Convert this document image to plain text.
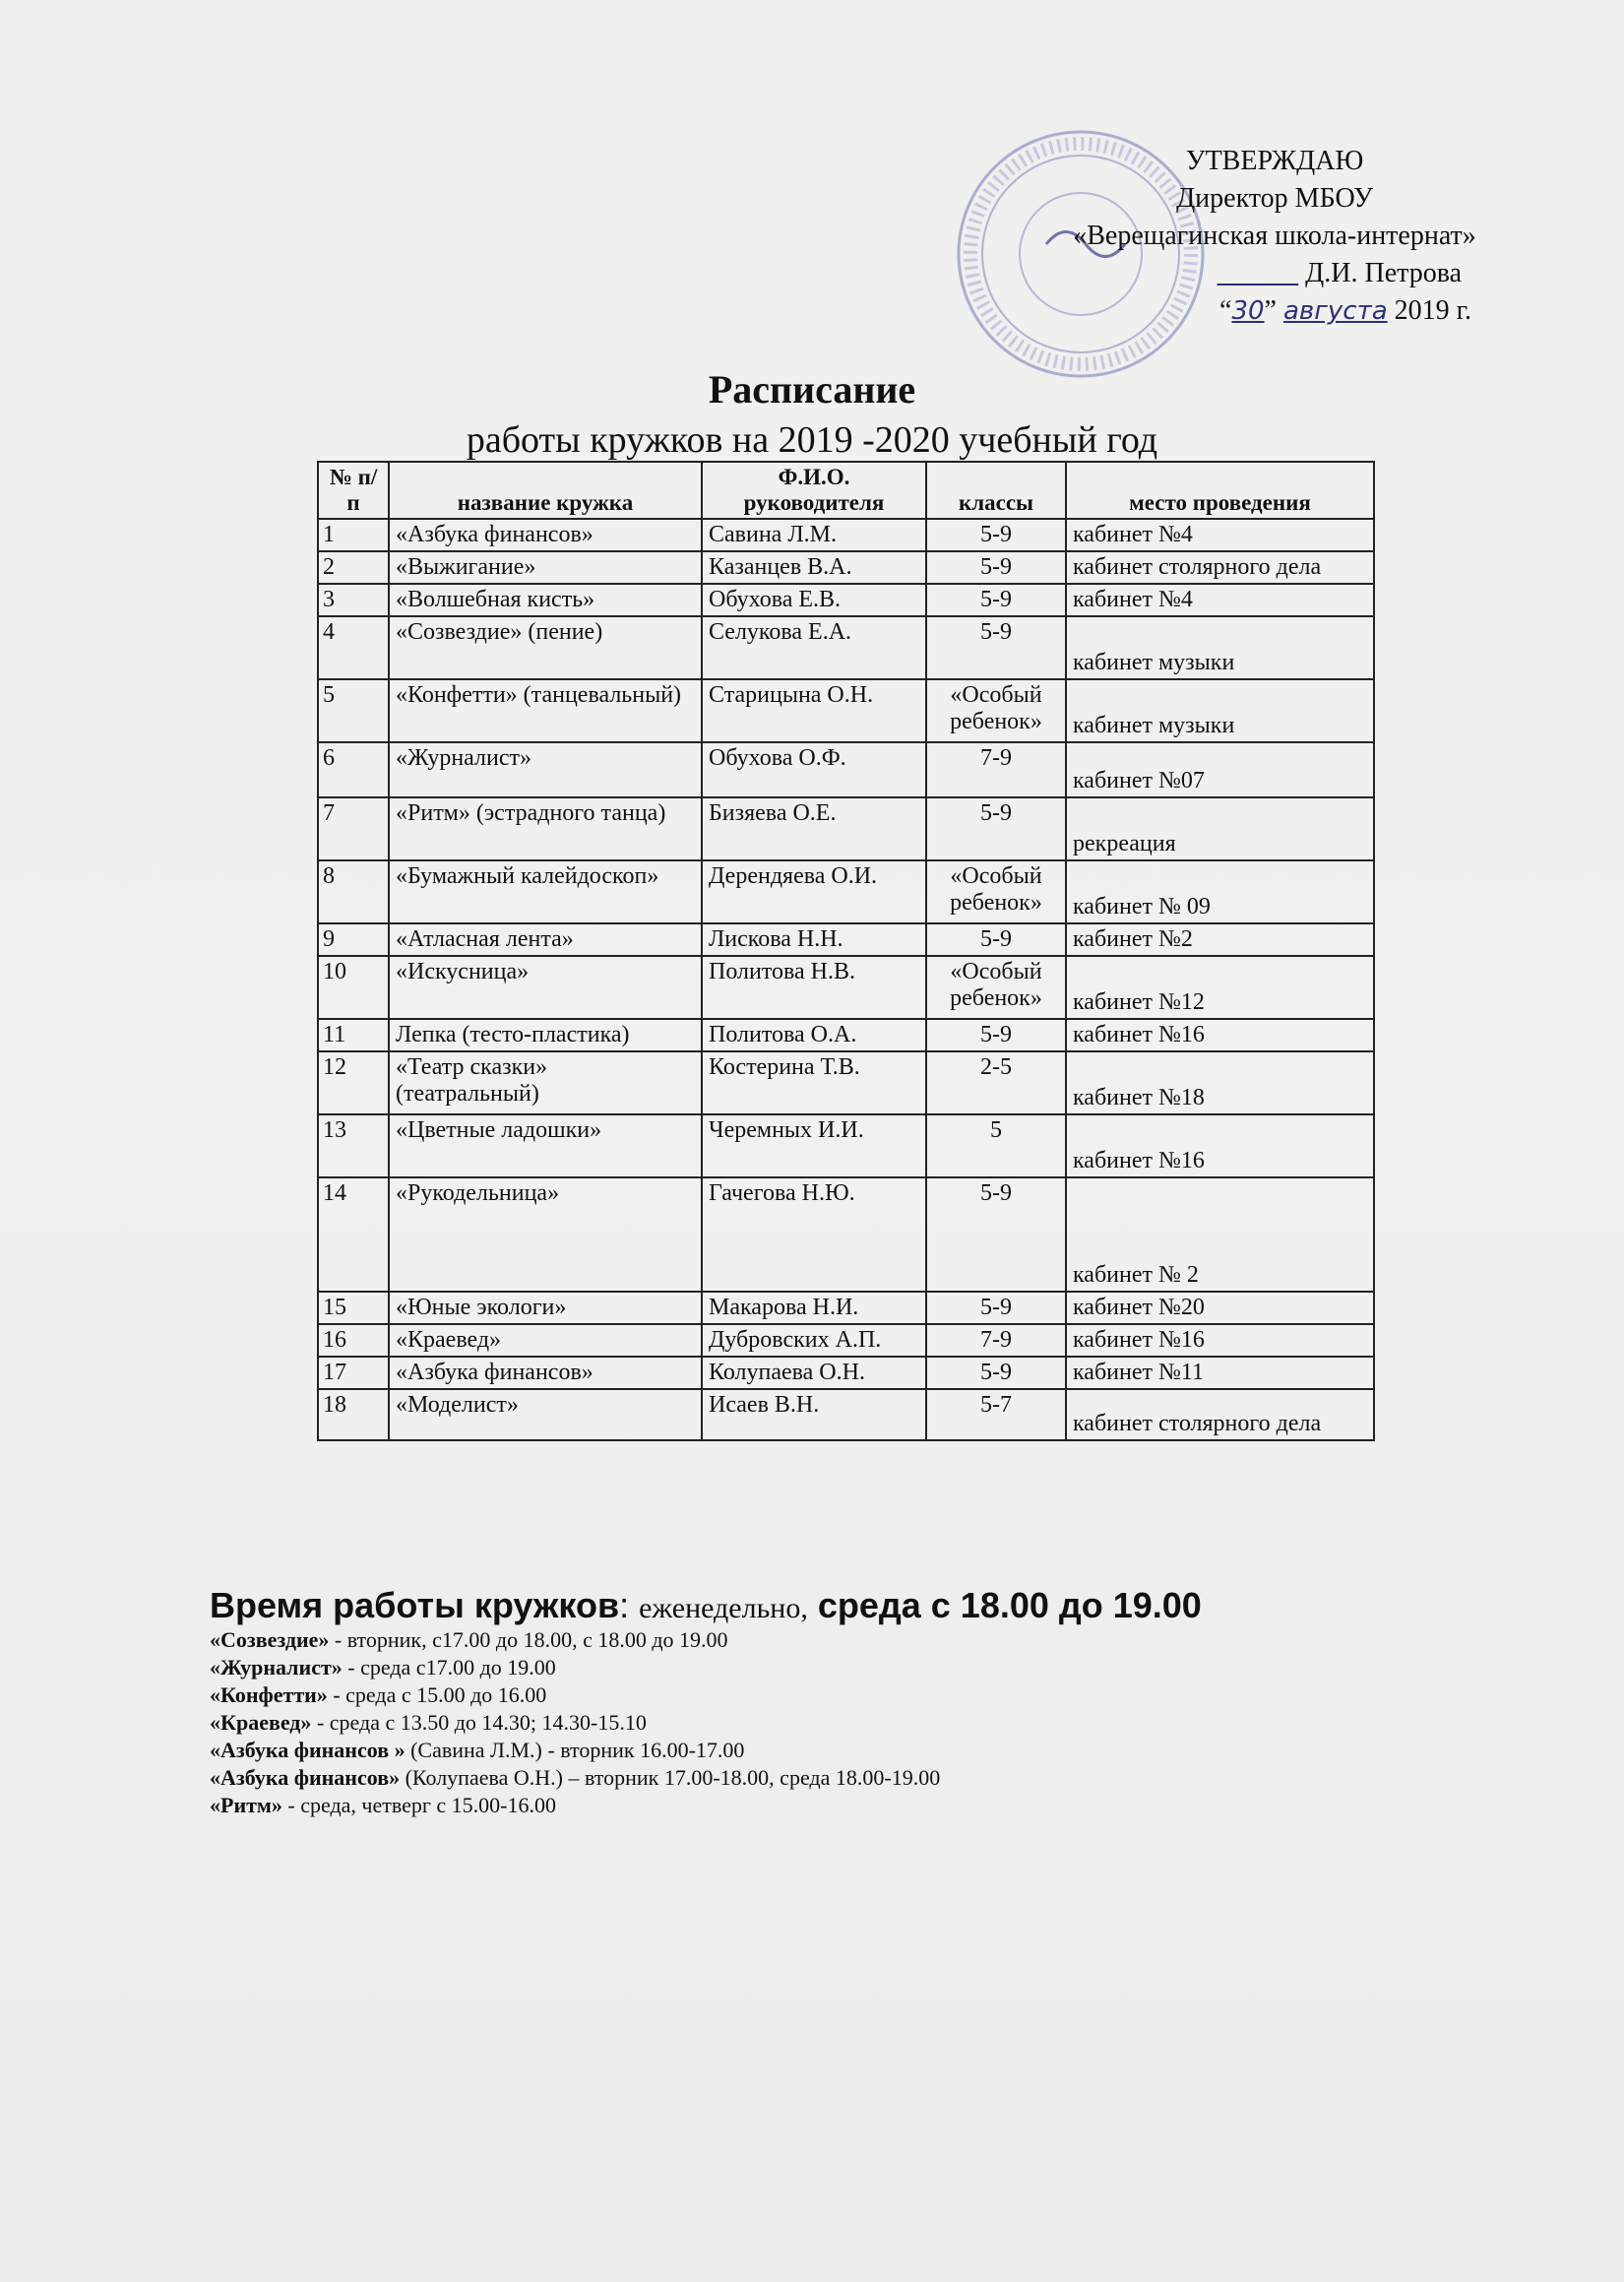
УТВЕРЖДАЮ
Директор МБОУ
«Верещагинская школа-интернат»
Д.И. Петрова
“30” августа 2019 г.
Расписание
работы кружков на 2019 -2020 учебный год
№ п/п	название кружка	Ф.И.О. руководителя	классы	место проведения
1	«Азбука финансов»	Савина Л.М.	5-9	кабинет №4
2	«Выжигание»	Казанцев В.А.	5-9	кабинет столярного дела
3	«Волшебная кисть»	Обухова Е.В.	5-9	кабинет №4
4	«Созвездие» (пение)	Селукова Е.А.	5-9	кабинет музыки
5	«Конфетти» (танцевальный)	Старицына О.Н.	«Особый ребенок»	кабинет музыки
6	«Журналист»	Обухова О.Ф.	7-9	кабинет №07
7	«Ритм» (эстрадного танца)	Бизяева О.Е.	5-9	рекреация
8	«Бумажный калейдоскоп»	Дерендяева О.И.	«Особый ребенок»	кабинет № 09
9	«Атласная лента»	Лискова Н.Н.	5-9	кабинет №2
10	«Искусница»	Политова Н.В.	«Особый ребенок»	кабинет №12
11	Лепка (тесто-пластика)	Политова О.А.	5-9	кабинет №16
12	«Театр сказки» (театральный)	Костерина Т.В.	2-5	кабинет №18
13	«Цветные ладошки»	Черемных И.И.	5	кабинет №16
14	«Рукодельница»	Гачегова Н.Ю.	5-9	кабинет № 2
15	«Юные экологи»	Макарова Н.И.	5-9	кабинет №20
16	«Краевед»	Дубровских А.П.	7-9	кабинет №16
17	«Азбука финансов»	Колупаева О.Н.	5-9	кабинет №11
18	«Моделист»	Исаев В.Н.	5-7	кабинет столярного дела
Время работы кружков: еженедельно, среда с 18.00 до 19.00
«Созвездие» - вторник, с17.00 до 18.00, с 18.00 до 19.00
«Журналист» - среда с17.00 до 19.00
«Конфетти» - среда с 15.00 до 16.00
«Краевед» - среда с 13.50 до 14.30; 14.30-15.10
«Азбука финансов » (Савина Л.М.) - вторник 16.00-17.00
«Азбука финансов» (Колупаева О.Н.) – вторник 17.00-18.00, среда 18.00-19.00
«Ритм» - среда, четверг с 15.00-16.00
